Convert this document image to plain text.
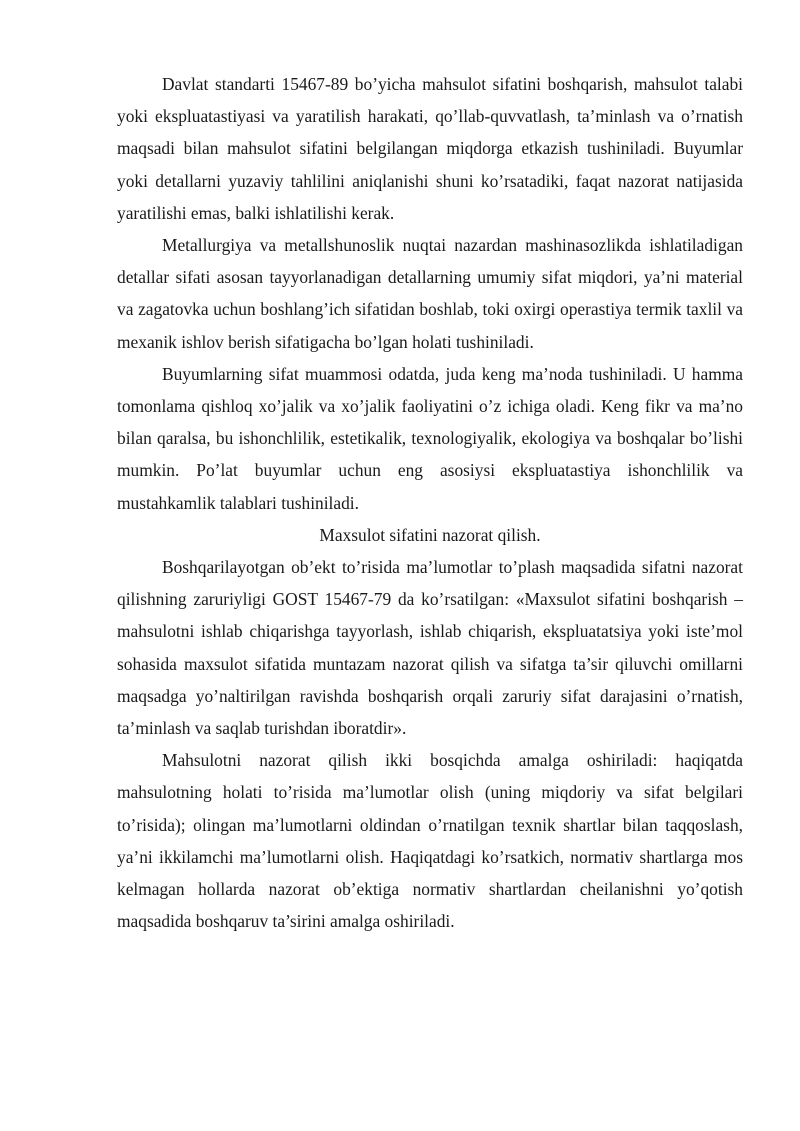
Davlat standarti 15467-89 bo’yicha mahsulot sifatini boshqarish, mahsulot talabi yoki ekspluatastiyasi va yaratilish harakati, qo’llab-quvvatlash, ta’minlash va o’rnatish maqsadi bilan mahsulot sifatini belgilangan miqdorga etkazish tushiniladi. Buyumlar yoki detallarni yuzaviy tahlilini aniqlanishi shuni ko’rsatadiki, faqat nazorat natijasida yaratilishi emas, balki ishlatilishi kerak.

Metallurgiya va metallshunoslik nuqtai nazardan mashinasozlikda ishlatiladigan detallar sifati asosan tayyorlanadigan detallarning umumiy sifat miqdori, ya’ni material va zagatovka uchun boshlang’ich sifatidan boshlab, toki oxirgi operastiya termik taxlil va mexanik ishlov berish sifatigacha bo’lgan holati tushiniladi.

Buyumlarning sifat muammosi odatda, juda keng ma’noda tushiniladi. U hamma tomonlama qishloq xo’jalik va xo’jalik faoliyatini o’z ichiga oladi. Keng fikr va ma’no bilan qaralsa, bu ishonchlilik, estetikalik, texnologiyalik, ekologiya va boshqalar bo’lishi mumkin. Po’lat buyumlar uchun eng asosiysi ekspluatastiya ishonchlilik va mustahkamlik talablari tushiniladi.

Maxsulot sifatini nazorat qilish.

Boshqarilayotgan ob’ekt to’risida ma’lumotlar to’plash maqsadida sifatni nazorat qilishning zaruriyligi GOST 15467-79 da ko’rsatilgan: «Maxsulot sifatini boshqarish – mahsulotni ishlab chiqarishga tayyorlash, ishlab chiqarish, ekspluatatsiya yoki iste’mol sohasida maxsulot sifatida muntazam nazorat qilish va sifatga ta’sir qiluvchi omillarni maqsadga yo’naltirilgan ravishda boshqarish orqali zaruriy sifat darajasini o’rnatish, ta’minlash va saqlab turishdan iboratdir».

Mahsulotni nazorat qilish ikki bosqichda amalga oshiriladi: haqiqatda mahsulotning holati to’risida ma’lumotlar olish (uning miqdoriy va sifat belgilari to’risida); olingan ma’lumotlarni oldindan o’rnatilgan texnik shartlar bilan taqqoslash, ya’ni ikkilamchi ma’lumotlarni olish. Haqiqatdagi ko’rsatkich, normativ shartlarga mos kelmagan hollarda nazorat ob’ektiga normativ shartlardan cheilanishni yo’qotish maqsadida boshqaruv ta’sirini amalga oshiriladi.
